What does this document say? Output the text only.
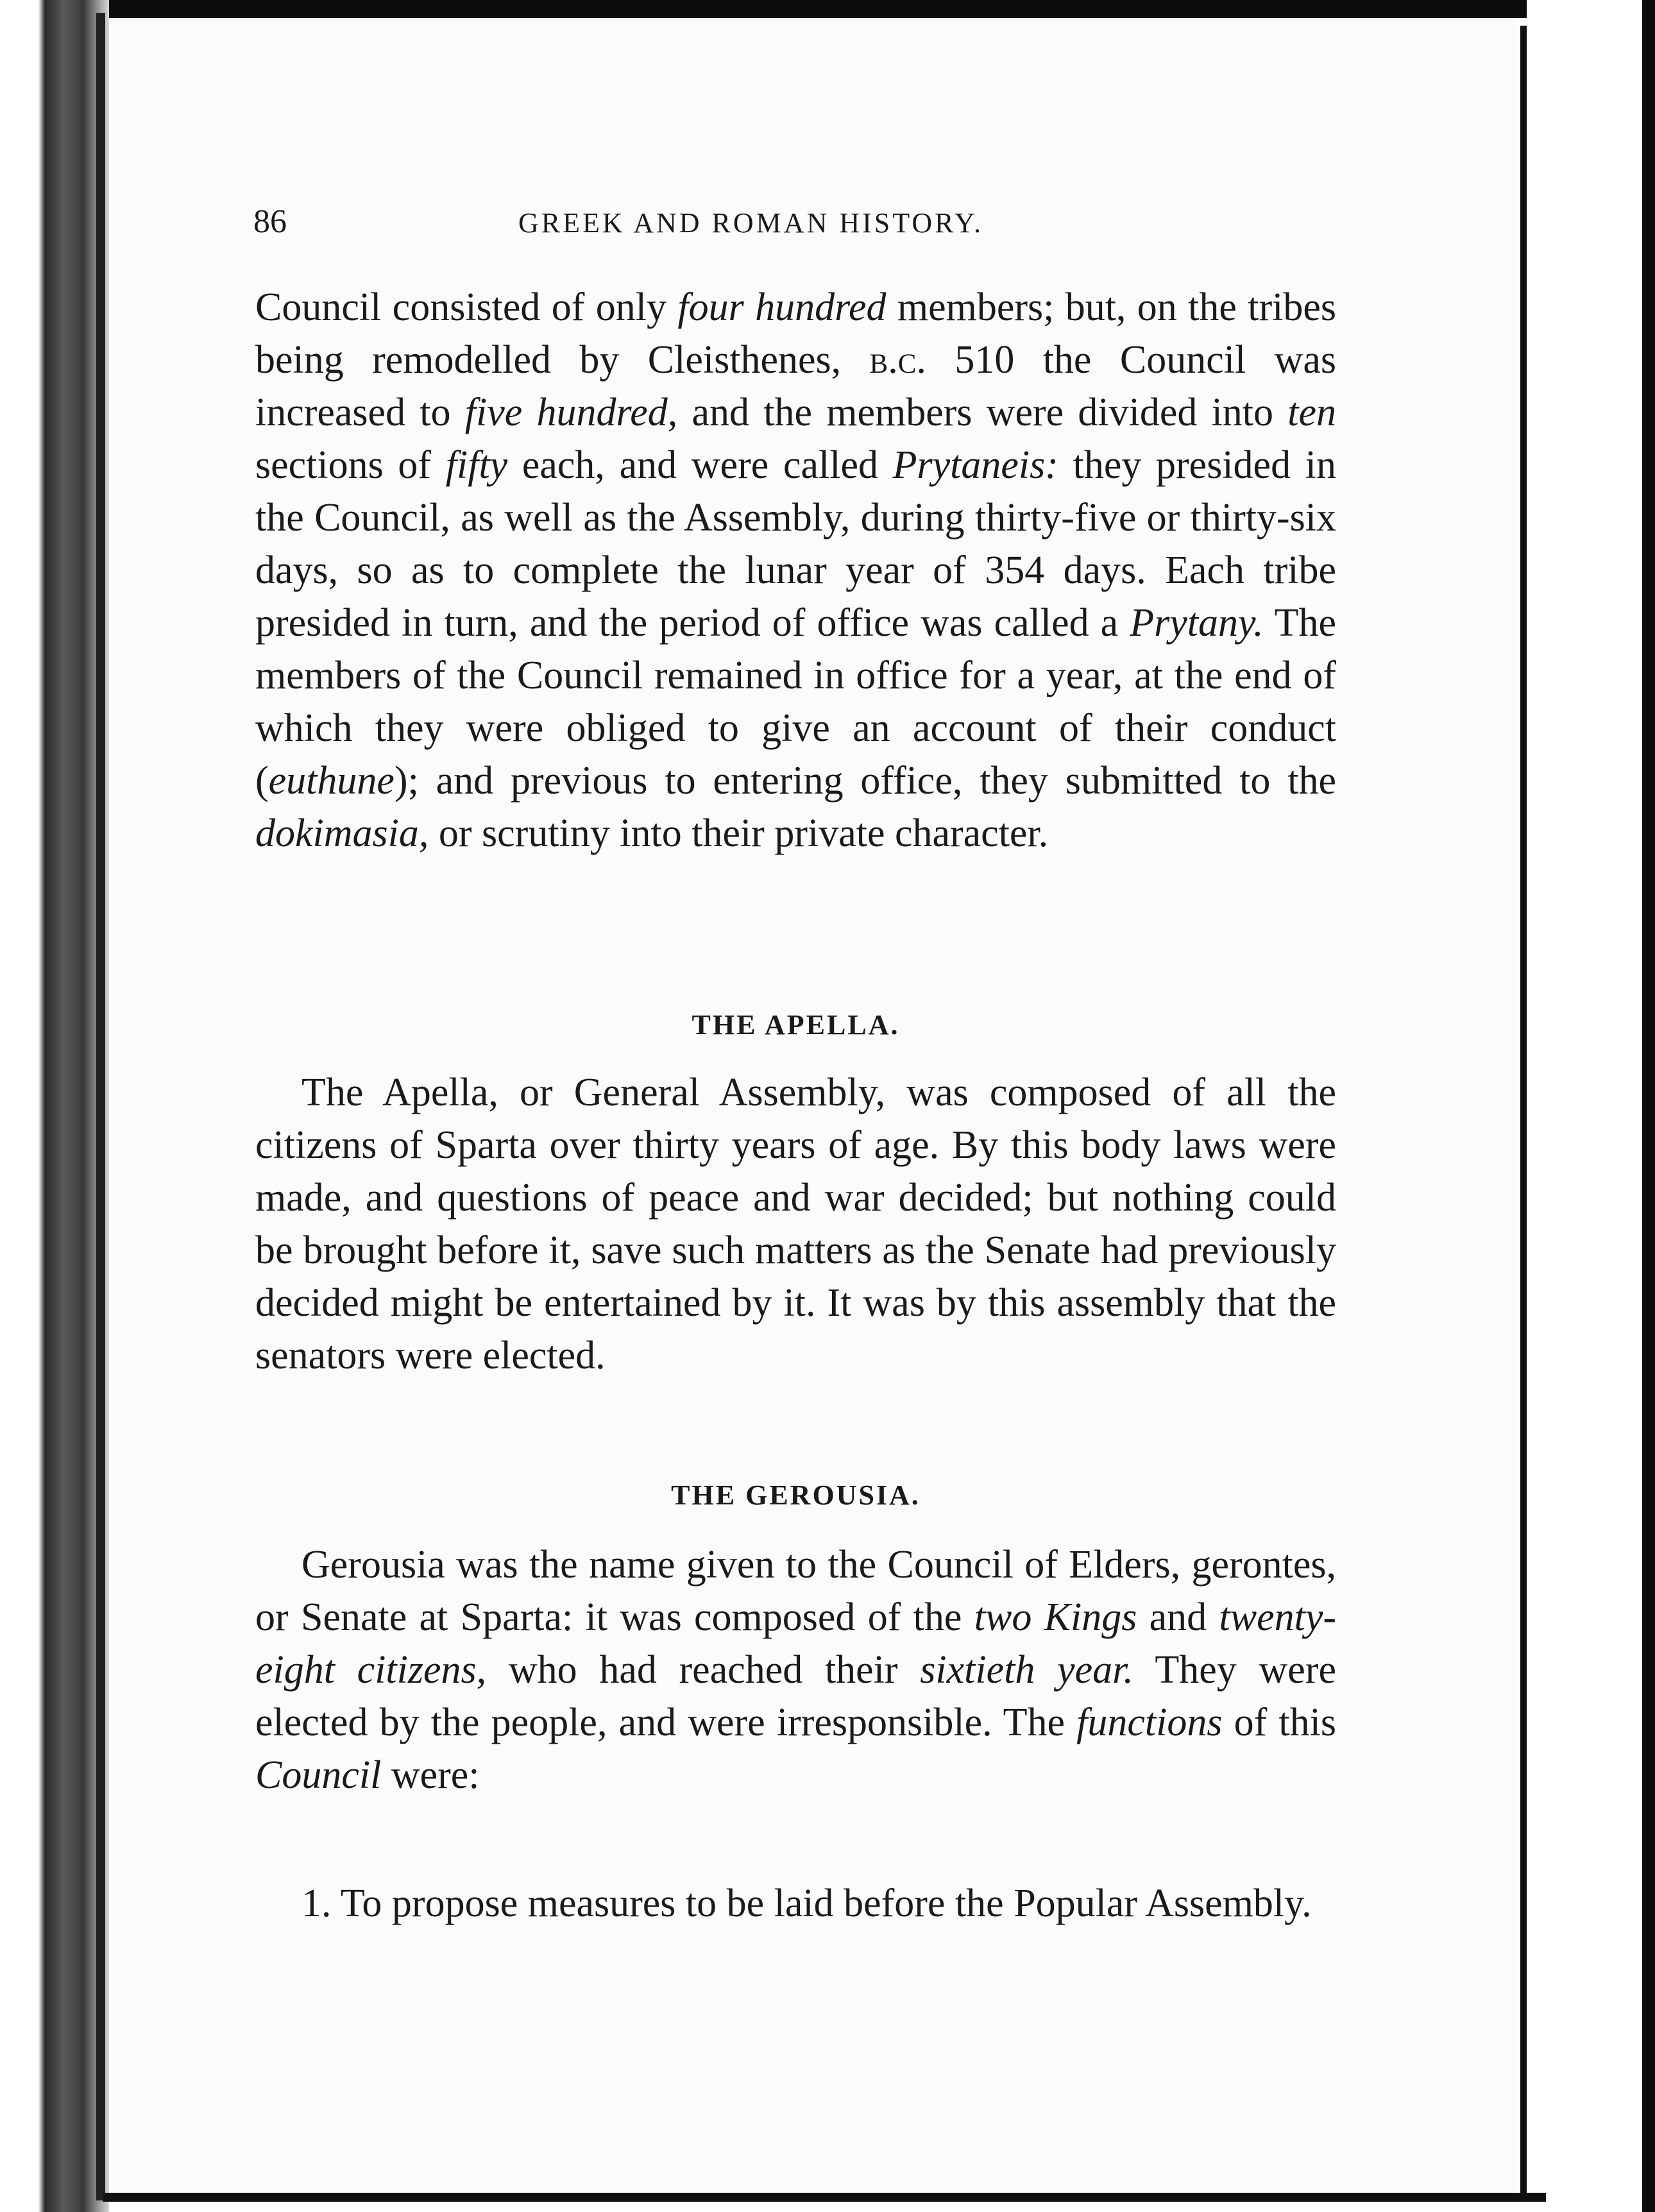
86	GREEK AND ROMAN HISTORY.

Council consisted of only four hundred members; but, on the tribes being remodelled by Cleisthenes, b.c. 510 the Council was increased to five hundred, and the members were divided into ten sections of fifty each, and were called Prytaneis: they presided in the Council, as well as the Assembly, during thirty-five or thirty-six days, so as to complete the lunar year of 354 days. Each tribe presided in turn, and the period of office was called a Prytany. The members of the Council remained in office for a year, at the end of which they were obliged to give an account of their conduct (euthune); and previous to entering office, they submitted to the dokimasia, or scrutiny into their private character.

THE APELLA.

The Apella, or General Assembly, was composed of all the citizens of Sparta over thirty years of age. By this body laws were made, and questions of peace and war decided; but nothing could be brought before it, save such matters as the Senate had previously decided might be entertained by it. It was by this assembly that the senators were elected.

THE GEROUSIA.

Gerousia was the name given to the Council of Elders, gerontes, or Senate at Sparta: it was composed of the two Kings and twenty-eight citizens, who had reached their sixtieth year. They were elected by the people, and were irresponsible. The functions of this Council were:

1. To propose measures to be laid before the Popular Assembly.
